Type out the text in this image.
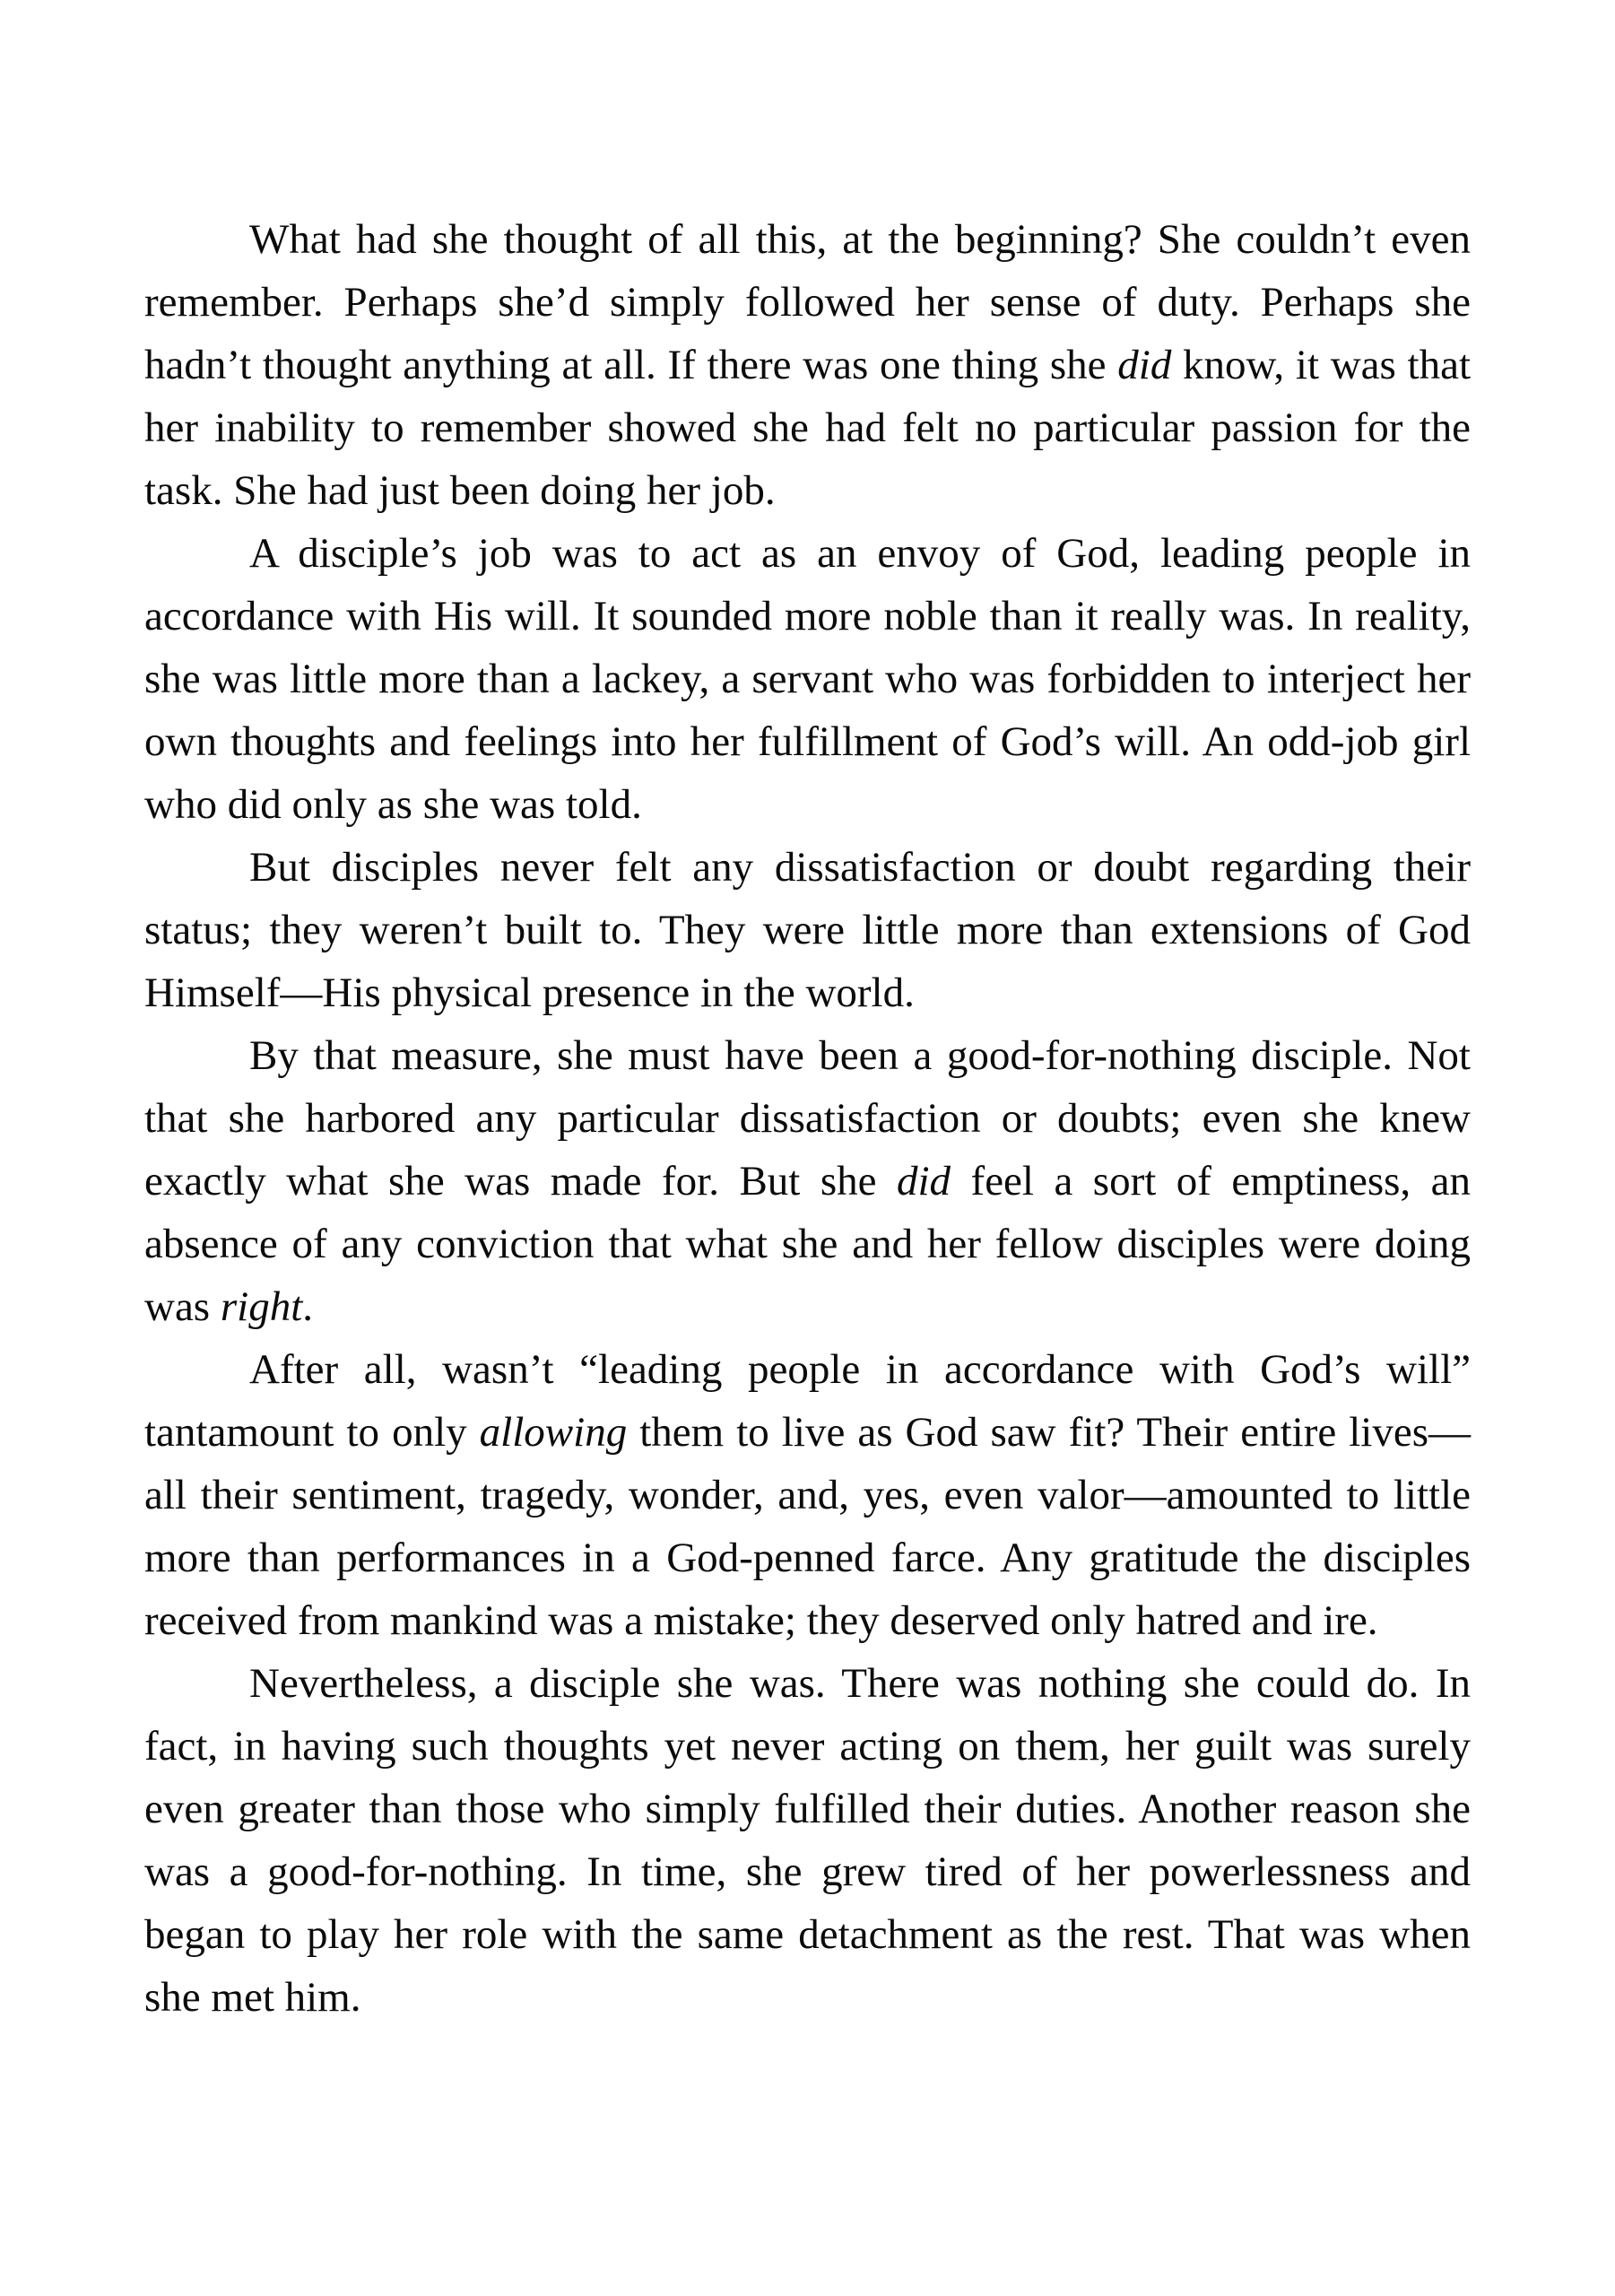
What had she thought of all this, at the beginning? She couldn’t even remember. Perhaps she’d simply followed her sense of duty. Perhaps she hadn’t thought anything at all. If there was one thing she did know, it was that her inability to remember showed she had felt no particular passion for the task. She had just been doing her job.

A disciple’s job was to act as an envoy of God, leading people in accordance with His will. It sounded more noble than it really was. In reality, she was little more than a lackey, a servant who was forbidden to interject her own thoughts and feelings into her fulfillment of God’s will. An odd-job girl who did only as she was told.

But disciples never felt any dissatisfaction or doubt regarding their status; they weren’t built to. They were little more than extensions of God Himself—His physical presence in the world.

By that measure, she must have been a good-for-nothing disciple. Not that she harbored any particular dissatisfaction or doubts; even she knew exactly what she was made for. But she did feel a sort of emptiness, an absence of any conviction that what she and her fellow disciples were doing was right.

After all, wasn’t “leading people in accordance with God’s will” tantamount to only allowing them to live as God saw fit? Their entire lives—all their sentiment, tragedy, wonder, and, yes, even valor—amounted to little more than performances in a God-penned farce. Any gratitude the disciples received from mankind was a mistake; they deserved only hatred and ire.

Nevertheless, a disciple she was. There was nothing she could do. In fact, in having such thoughts yet never acting on them, her guilt was surely even greater than those who simply fulfilled their duties. Another reason she was a good-for-nothing. In time, she grew tired of her powerlessness and began to play her role with the same detachment as the rest. That was when she met him.
